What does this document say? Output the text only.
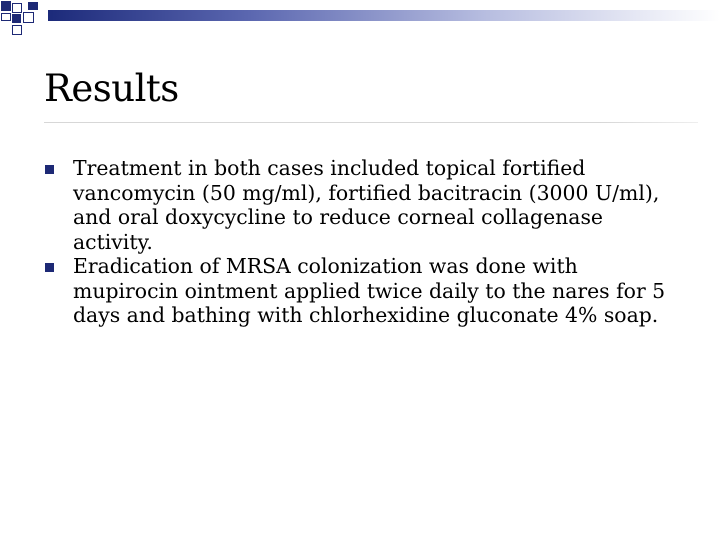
Results
Treatment in both cases included topical fortified vancomycin (50 mg/ml), fortified bacitracin (3000 U/ml), and oral doxycycline to reduce corneal collagenase activity.
Eradication of MRSA colonization was done with mupirocin ointment applied twice daily to the nares for 5 days and bathing with chlorhexidine gluconate 4% soap.
